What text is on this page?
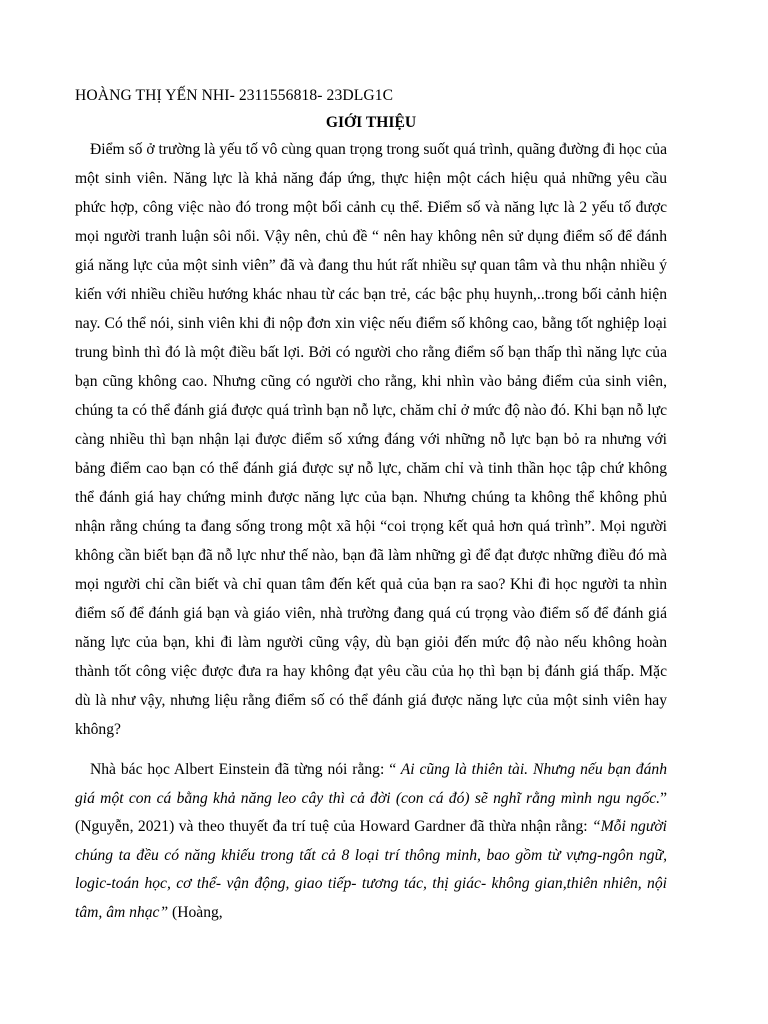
HOÀNG THỊ YẾN NHI- 2311556818- 23DLG1C

GIỚI THIỆU

Điểm số ở trường là yếu tố vô cùng quan trọng trong suốt quá trình, quãng đường đi học của một sinh viên. Năng lực là khả năng đáp ứng, thực hiện một cách hiệu quả những yêu cầu phức hợp, công việc nào đó trong một bối cảnh cụ thể. Điểm số và năng lực là 2 yếu tố được mọi người tranh luận sôi nổi. Vậy nên, chủ đề “ nên hay không nên sử dụng điểm số để đánh giá năng lực của một sinh viên” đã và đang thu hút rất nhiều sự quan tâm và thu nhận nhiều ý kiến với nhiều chiều hướng khác nhau từ các bạn trẻ, các bậc phụ huynh,..trong bối cảnh hiện nay. Có thể nói, sinh viên khi đi nộp đơn xin việc nếu điểm số không cao, bằng tốt nghiệp loại trung bình thì đó là một điều bất lợi. Bởi có người cho rằng điểm số bạn thấp thì năng lực của bạn cũng không cao. Nhưng cũng có người cho rằng, khi nhìn vào bảng điểm của sinh viên, chúng ta có thể đánh giá được quá trình bạn nỗ lực, chăm chỉ ở mức độ nào đó. Khi bạn nỗ lực càng nhiều thì bạn nhận lại được điểm số xứng đáng với những nỗ lực bạn bỏ ra nhưng với bảng điểm cao bạn có thể đánh giá được sự nỗ lực, chăm chỉ và tinh thần học tập chứ không thể đánh giá hay chứng minh được năng lực của bạn. Nhưng chúng ta không thể không phủ nhận rằng chúng ta đang sống trong một xã hội “coi trọng kết quả hơn quá trình”. Mọi người không cần biết bạn đã nỗ lực như thế nào, bạn đã làm những gì để đạt được những điều đó mà mọi người chỉ cần biết và chỉ quan tâm đến kết quả của bạn ra sao? Khi đi học người ta nhìn điểm số để đánh giá bạn và giáo viên, nhà trường đang quá cú trọng vào điểm số để đánh giá năng lực của bạn, khi đi làm người cũng vậy, dù bạn giỏi đến mức độ nào nếu không hoàn thành tốt công việc được đưa ra hay không đạt yêu cầu của họ thì bạn bị đánh giá thấp. Mặc dù là như vậy, nhưng liệu rằng điểm số có thể đánh giá được năng lực của một sinh viên hay không?

Nhà bác học Albert Einstein đã từng nói rằng: “ Ai cũng là thiên tài. Nhưng nếu bạn đánh giá một con cá bằng khả năng leo cây thì cả đời (con cá đó) sẽ nghĩ rằng mình ngu ngốc.” (Nguyễn, 2021) và theo thuyết đa trí tuệ của Howard Gardner đã thừa nhận rằng: “Mỗi người chúng ta đều có năng khiếu trong tất cả 8 loại trí thông minh, bao gồm từ vựng-ngôn ngữ, logic-toán học, cơ thể- vận động, giao tiếp- tương tác, thị giác- không gian,thiên nhiên, nội tâm, âm nhạc” (Hoàng,
